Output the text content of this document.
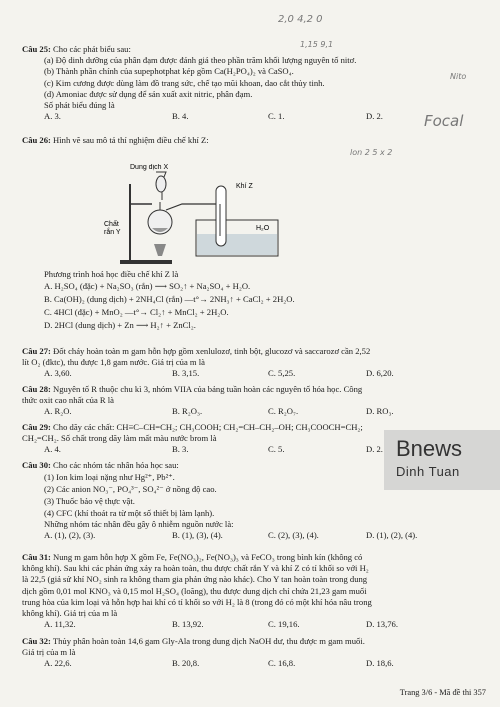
2,0 4,2 0
1,15 9,1
Nito
Focal
lon 2 5 x 2
Câu 25: Cho các phát biểu sau:
(a) Độ dinh dưỡng của phân đạm được đánh giá theo phần trăm khối lượng nguyên tố nitơ.
(b) Thành phần chính của supephotphat kép gồm Ca(H₂PO₄)₂ và CaSO₄.
(c) Kim cương được dùng làm đồ trang sức, chế tạo mũi khoan, dao cắt thủy tinh.
(d) Amoniac được sử dụng để sản xuất axit nitric, phân đạm.
Số phát biểu đúng là
A. 3.	B. 4.	C. 1.	D. 2.
Câu 26: Hình vẽ sau mô tả thí nghiệm điều chế khí Z:
Dung dịch X
Khí Z
Chất
rắn Y
H₂O
Phương trình hoá học điều chế khí Z là
A. H₂SO₄ (đặc) + Na₂SO₃ (rắn) ⟶ SO₂↑ + Na₂SO₄ + H₂O.
B. Ca(OH)₂ (dung dịch) + 2NH₄Cl (rắn) —t°→ 2NH₃↑ + CaCl₂ + 2H₂O.
C. 4HCl (đặc) + MnO₂ —t°→ Cl₂↑ + MnCl₂ + 2H₂O.
D. 2HCl (dung dịch) + Zn ⟶ H₂↑ + ZnCl₂.
Câu 27: Đốt cháy hoàn toàn m gam hỗn hợp gồm xenlulozơ, tinh bột, glucozơ và saccarozơ cần 2,52
lít O₂ (đktc), thu được 1,8 gam nước. Giá trị của m là
A. 3,60.	B. 3,15.	C. 5,25.	D. 6,20.
Câu 28: Nguyên tố R thuộc chu kì 3, nhóm VIIA của bảng tuần hoàn các nguyên tố hóa học. Công
thức oxit cao nhất của R là
A. R₂O.	B. R₂O₃.	C. R₂O₇.	D. RO₃.
Câu 29: Cho dãy các chất: CH≡C–CH=CH₂; CH₃COOH; CH₂=CH–CH₂–OH; CH₃COOCH=CH₂;
CH₂=CH₂. Số chất trong dãy làm mất màu nước brom là
A. 4.	B. 3.	C. 5.	D. 2.
Câu 30: Cho các nhóm tác nhân hóa học sau:
(1) Ion kim loại nặng như Hg²⁺, Pb²⁺.
(2) Các anion NO₃⁻, PO₄³⁻, SO₄²⁻ ở nồng độ cao.
(3) Thuốc bảo vệ thực vật.
(4) CFC (khí thoát ra từ một số thiết bị làm lạnh).
Những nhóm tác nhân đều gây ô nhiễm nguồn nước là:
A. (1), (2), (3).	B. (1), (3), (4).	C. (2), (3), (4).	D. (1), (2), (4).
Câu 31: Nung m gam hỗn hợp X gồm Fe, Fe(NO₃)₂, Fe(NO₃)₃ và FeCO₃ trong bình kín (không có
không khí). Sau khi các phản ứng xảy ra hoàn toàn, thu được chất rắn Y và khí Z có tỉ khối so với H₂
là 22,5 (giả sử khí NO₂ sinh ra không tham gia phản ứng nào khác). Cho Y tan hoàn toàn trong dung
dịch gồm 0,01 mol KNO₃ và 0,15 mol H₂SO₄ (loãng), thu được dung dịch chỉ chứa 21,23 gam muối
trung hòa của kim loại và hỗn hợp hai khí có tỉ khối so với H₂ là 8 (trong đó có một khí hóa nâu trong
không khí). Giá trị của m là
A. 11,32.	B. 13,92.	C. 19,16.	D. 13,76.
Câu 32: Thủy phân hoàn toàn 14,6 gam Gly-Ala trong dung dịch NaOH dư, thu được m gam muối.
Giá trị của m là
A. 22,6.	B. 20,8.	C. 16,8.	D. 18,6.
Bnews
Dinh Tuan
Trang 3/6 - Mã đề thi 357
